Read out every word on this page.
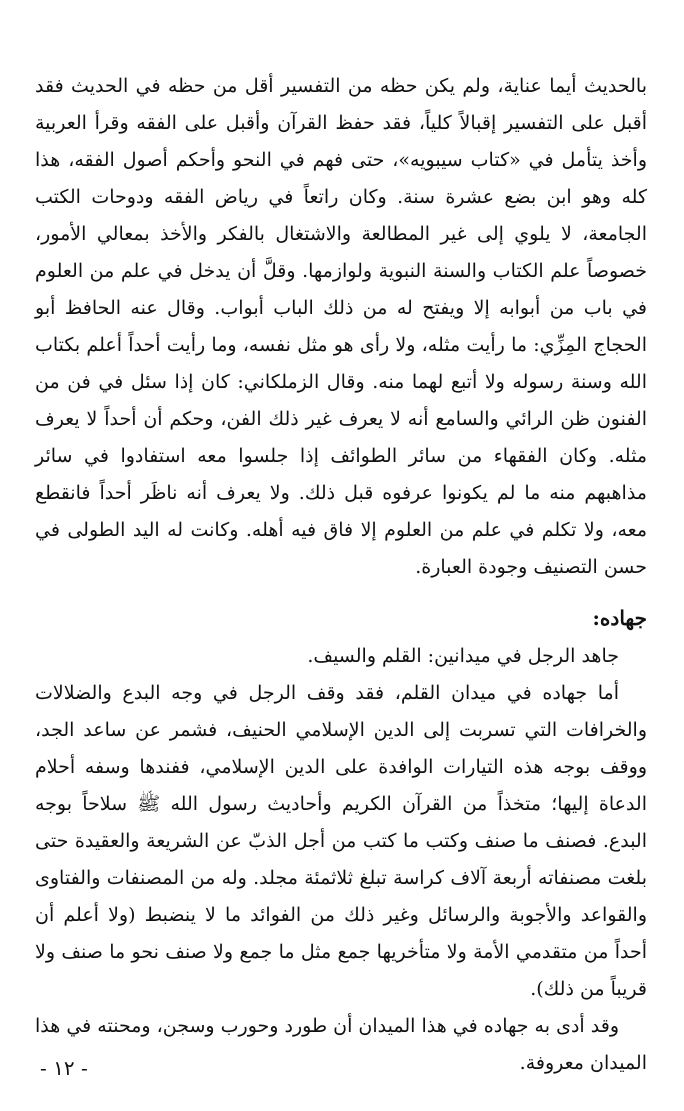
بالحديث أيما عناية، ولم يكن حظه من التفسير أقل من حظه في الحديث فقد أقبل على التفسير إقبالاً كلياً، فقد حفظ القرآن وأقبل على الفقه وقرأ العربية وأخذ يتأمل في «كتاب سيبويه»، حتى فهم في النحو وأحكم أصول الفقه، هذا كله وهو ابن بضع عشرة سنة. وكان راتعاً في رياض الفقه ودوحات الكتب الجامعة، لا يلوي إلى غير المطالعة والاشتغال بالفكر والأخذ بمعالي الأمور، خصوصاً علم الكتاب والسنة النبوية ولوازمها. وقلَّ أن يدخل في علم من العلوم في باب من أبوابه إلا ويفتح له من ذلك الباب أبواب. وقال عنه الحافظ أبو الحجاج المِزِّي: ما رأيت مثله، ولا رأى هو مثل نفسه، وما رأيت أحداً أعلم بكتاب الله وسنة رسوله ولا أتبع لهما منه. وقال الزملكاني: كان إذا سئل في فن من الفنون ظن الرائي والسامع أنه لا يعرف غير ذلك الفن، وحكم أن أحداً لا يعرف مثله. وكان الفقهاء من سائر الطوائف إذا جلسوا معه استفادوا في سائر مذاهبهم منه ما لم يكونوا عرفوه قبل ذلك. ولا يعرف أنه ناظَر أحداً فانقطع معه، ولا تكلم في علم من العلوم إلا فاق فيه أهله. وكانت له اليد الطولى في حسن التصنيف وجودة العبارة.

جهاده:

جاهد الرجل في ميدانين: القلم والسيف.

أما جهاده في ميدان القلم، فقد وقف الرجل في وجه البدع والضلالات والخرافات التي تسربت إلى الدين الإسلامي الحنيف، فشمر عن ساعد الجد، ووقف بوجه هذه التيارات الوافدة على الدين الإسلامي، ففندها وسفه أحلام الدعاة إليها؛ متخذاً من القرآن الكريم وأحاديث رسول الله ﷺ سلاحاً بوجه البدع. فصنف ما صنف وكتب ما كتب من أجل الذبّ عن الشريعة والعقيدة حتى بلغت مصنفاته أربعة آلاف كراسة تبلغ ثلاثمئة مجلد. وله من المصنفات والفتاوى والقواعد والأجوبة والرسائل وغير ذلك من الفوائد ما لا ينضبط (ولا أعلم أن أحداً من متقدمي الأمة ولا متأخريها جمع مثل ما جمع ولا صنف نحو ما صنف ولا قريباً من ذلك).

وقد أدى به جهاده في هذا الميدان أن طورد وحورب وسجن، ومحنته في هذا الميدان معروفة.

- ١٢ -
